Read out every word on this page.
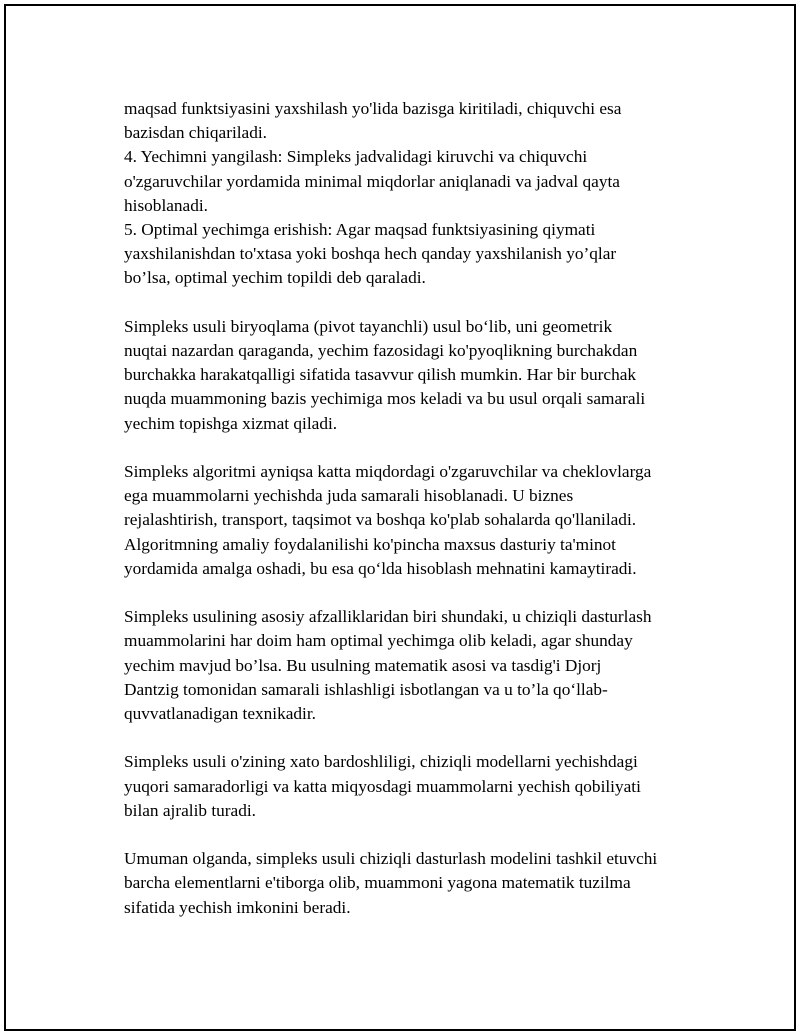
maqsad funktsiyasini yaxshilash yo'lida bazisga kiritiladi, chiquvchi esa

bazisdan chiqariladi.

4. Yechimni yangilash: Simpleks jadvalidagi kiruvchi va chiquvchi

o'zgaruvchilar yordamida minimal miqdorlar aniqlanadi va jadval qayta

hisoblanadi.

5. Optimal yechimga erishish: Agar maqsad funktsiyasining qiymati

yaxshilanishdan to'xtasa yoki boshqa hech qanday yaxshilanish yo’qlar

bo’lsa, optimal yechim topildi deb qaraladi.

Simpleks usuli biryoqlama (pivot tayanchli) usul bo‘lib, uni geometrik

nuqtai nazardan qaraganda, yechim fazosidagi ko'pyoqlikning burchakdan

burchakka harakatqalligi sifatida tasavvur qilish mumkin. Har bir burchak

nuqda muammoning bazis yechimiga mos keladi va bu usul orqali samarali

yechim topishga xizmat qiladi.

Simpleks algoritmi ayniqsa katta miqdordagi o'zgaruvchilar va cheklovlarga

ega muammolarni yechishda juda samarali hisoblanadi. U biznes

rejalashtirish, transport, taqsimot va boshqa ko'plab sohalarda qo'llaniladi.

Algoritmning amaliy foydalanilishi ko'pincha maxsus dasturiy ta'minot

yordamida amalga oshadi, bu esa qo‘lda hisoblash mehnatini kamaytiradi.

Simpleks usulining asosiy afzalliklaridan biri shundaki, u chiziqli dasturlash

muammolarini har doim ham optimal yechimga olib keladi, agar shunday

yechim mavjud bo’lsa. Bu usulning matematik asosi va tasdig'i Djorj

Dantzig tomonidan samarali ishlashligi isbotlangan va u to’la qo‘llab-

quvvatlanadigan texnikadir.

Simpleks usuli o'zining xato bardoshliligi, chiziqli modellarni yechishdagi

yuqori samaradorligi va katta miqyosdagi muammolarni yechish qobiliyati

bilan ajralib turadi.

Umuman olganda, simpleks usuli chiziqli dasturlash modelini tashkil etuvchi

barcha elementlarni e'tiborga olib, muammoni yagona matematik tuzilma

sifatida yechish imkonini beradi.
